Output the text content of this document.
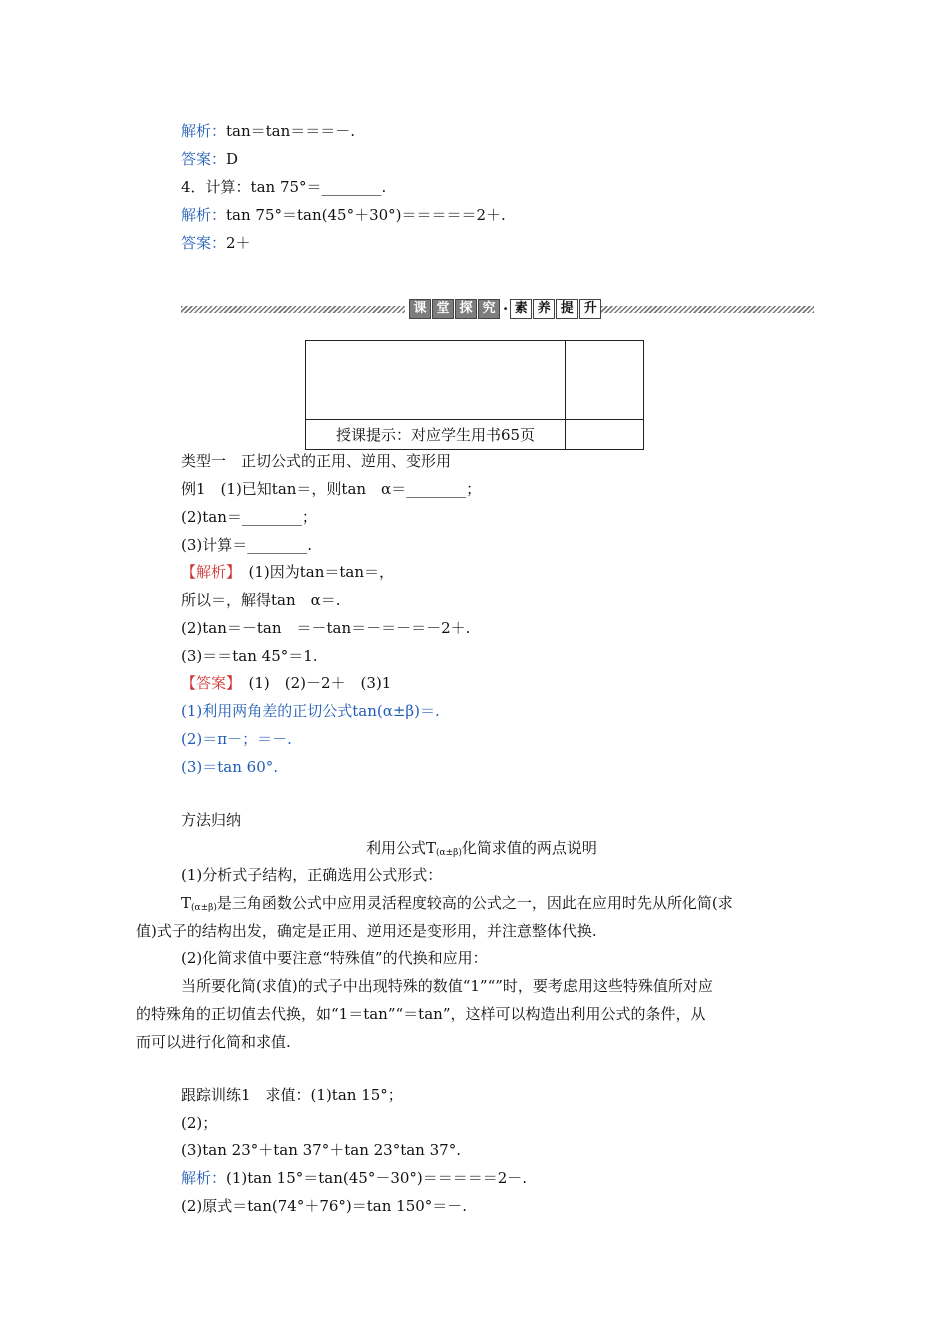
解析：tan＝tan＝＝＝－.
答案：D
4．计算：tan 75°＝________.
解析：tan 75°＝tan(45°＋30°)＝＝＝＝＝2＋.
答案：2＋
课 堂 探 究 · 素 养 提 升

授课提示：对应学生用书65页	
类型一　正切公式的正用、逆用、变形用
例1　(1)已知tan＝，则tan　α＝________；
(2)tan＝________；
(3)计算＝________.
【解析】　(1)因为tan＝tan＝，
所以＝，解得tan　α＝.
(2)tan＝－tan　＝－tan＝－＝－＝－2＋.
(3)＝＝tan 45°＝1.
【答案】　(1)　(2)－2＋　(3)1
(1)利用两角差的正切公式tan(α±β)＝.
(2)＝π－；＝－.
(3)＝tan 60°.
方法归纳
利用公式$T_{(\alpha\pm\beta)}$化简求值的两点说明
(1)分析式子结构，正确选用公式形式：
$T_{(\alpha\pm\beta)}$是三角函数公式中应用灵活程度较高的公式之一，因此在应用时先从所化简(求
值)式子的结构出发，确定是正用、逆用还是变形用，并注意整体代换.
(2)化简求值中要注意“特殊值”的代换和应用：
当所要化简(求值)的式子中出现特殊的数值“1”“”时，要考虑用这些特殊值所对应
的特殊角的正切值去代换，如“1＝tan”“＝tan”，这样可以构造出利用公式的条件，从
而可以进行化简和求值.
跟踪训练1　求值：(1)tan 15°；
(2)；
(3)tan 23°＋tan 37°＋tan 23°tan 37°.
解析：(1)tan 15°＝tan(45°－30°)＝＝＝＝＝2－.
(2)原式＝tan(74°＋76°)＝tan 150°＝－.
